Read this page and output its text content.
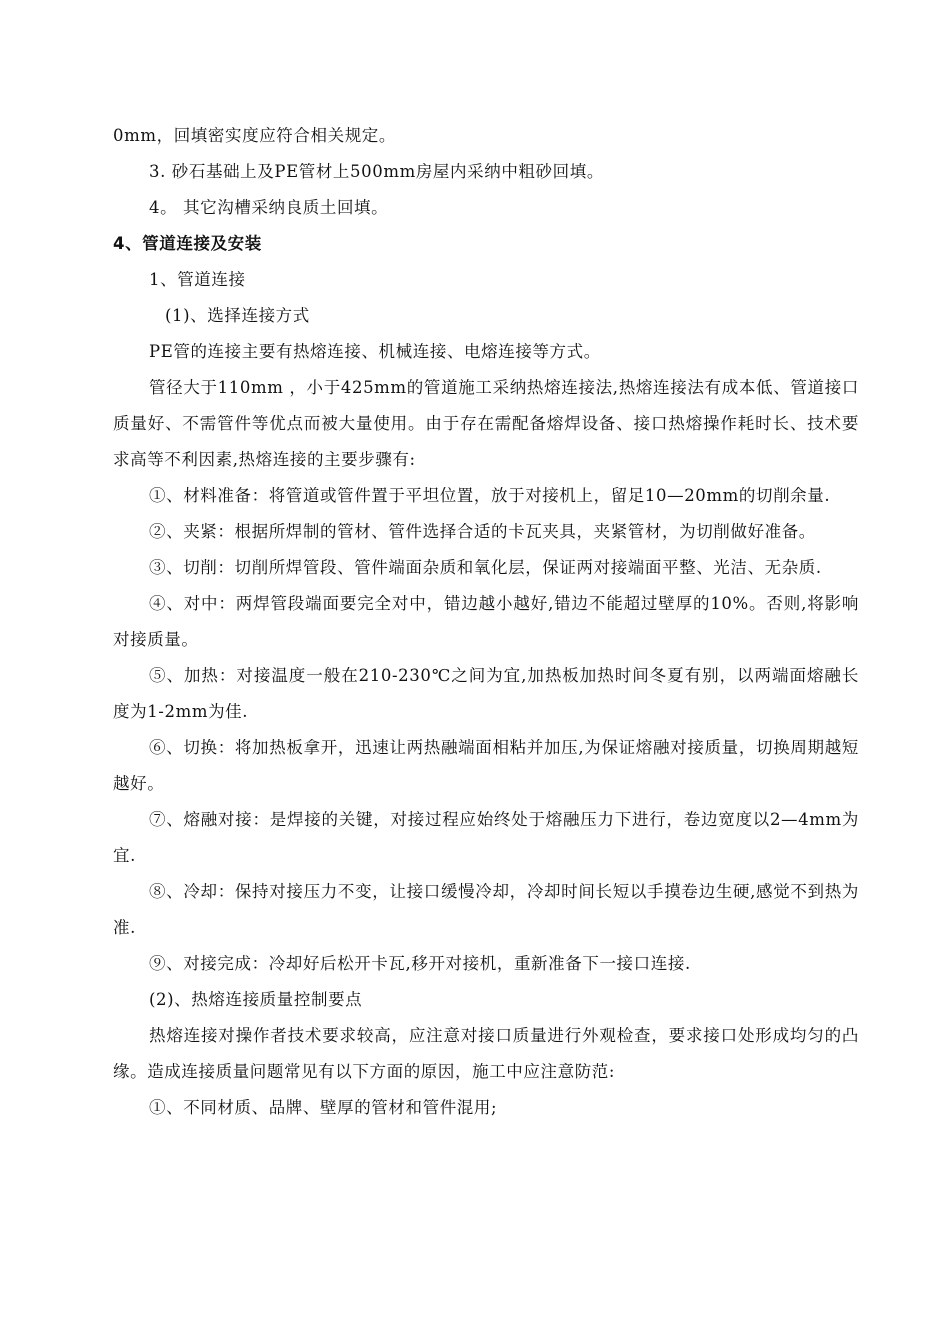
0mm，回填密实度应符合相关规定。

3. 砂石基础上及PE管材上500mm房屋内采纳中粗砂回填。

4。 其它沟槽采纳良质土回填。

4、管道连接及安装

1、管道连接

(1)、选择连接方式

PE管的连接主要有热熔连接、机械连接、电熔连接等方式。

管径大于110mm ，小于425mm的管道施工采纳热熔连接法,热熔连接法有成本低、管道接口质量好、不需管件等优点而被大量使用。由于存在需配备熔焊设备、接口热熔操作耗时长、技术要求高等不利因素,热熔连接的主要步骤有:

①、材料准备：将管道或管件置于平坦位置，放于对接机上，留足10—20mm的切削余量.

②、夹紧：根据所焊制的管材、管件选择合适的卡瓦夹具，夹紧管材，为切削做好准备。

③、切削：切削所焊管段、管件端面杂质和氧化层，保证两对接端面平整、光洁、无杂质.

④、对中：两焊管段端面要完全对中，错边越小越好,错边不能超过壁厚的10%。否则,将影响对接质量。

⑤、加热：对接温度一般在210-230℃之间为宜,加热板加热时间冬夏有别，以两端面熔融长度为1-2mm为佳.

⑥、切换：将加热板拿开，迅速让两热融端面相粘并加压,为保证熔融对接质量，切换周期越短越好。

⑦、熔融对接：是焊接的关键，对接过程应始终处于熔融压力下进行，卷边宽度以2—4mm为宜.

⑧、冷却：保持对接压力不变，让接口缓慢冷却，冷却时间长短以手摸卷边生硬,感觉不到热为准.

⑨、对接完成：冷却好后松开卡瓦,移开对接机，重新准备下一接口连接.

(2)、热熔连接质量控制要点

热熔连接对操作者技术要求较高，应注意对接口质量进行外观检查，要求接口处形成均匀的凸缘。造成连接质量问题常见有以下方面的原因，施工中应注意防范:

①、不同材质、品牌、壁厚的管材和管件混用;
